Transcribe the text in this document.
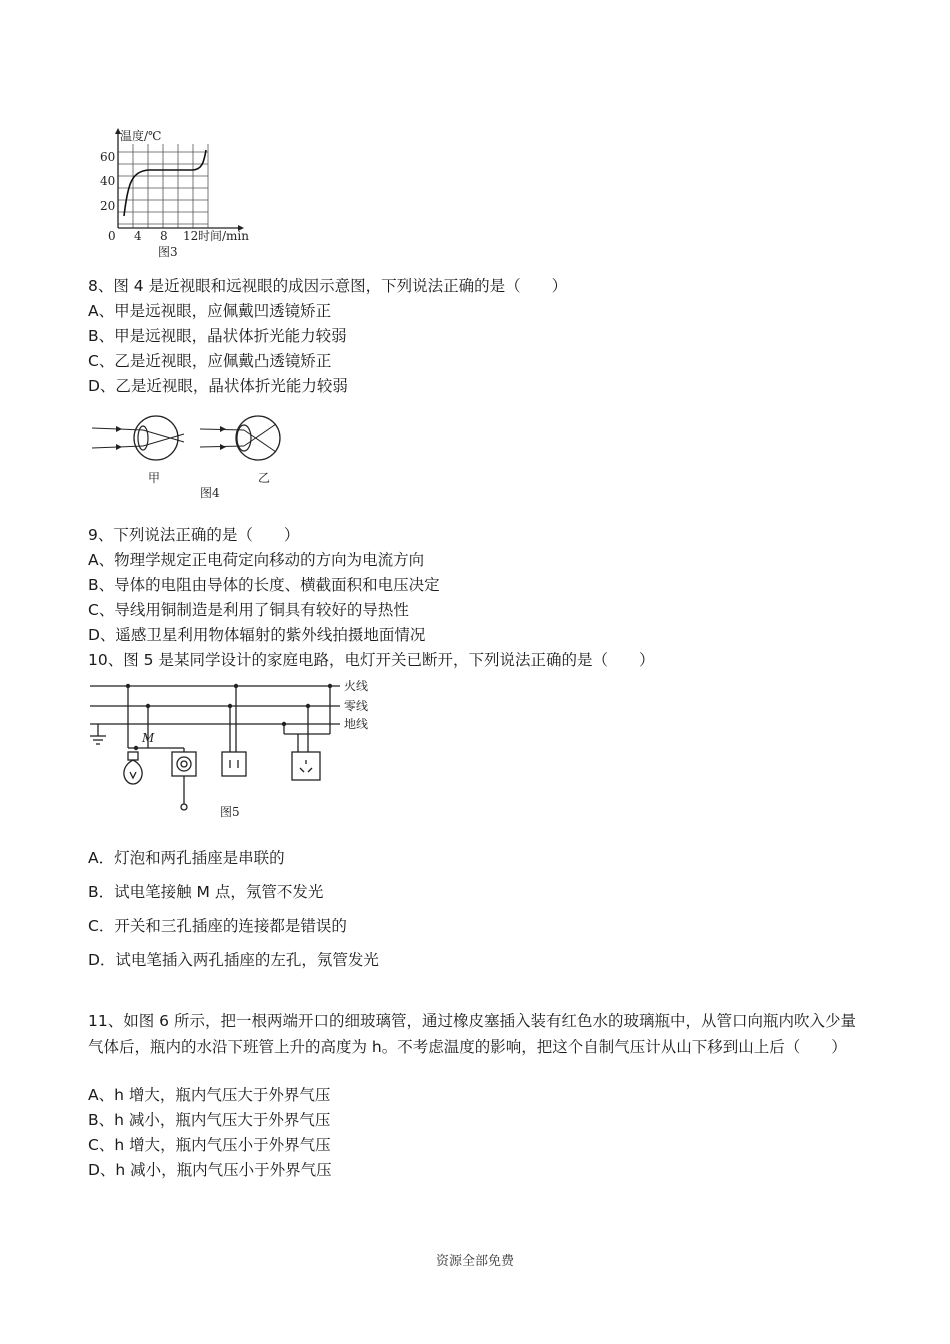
温度/℃
60
40
20
0 4 8 12 时间/min
图3
8、图 4 是近视眼和远视眼的成因示意图，下列说法正确的是（　　）
A、甲是远视眼，应佩戴凹透镜矫正
B、甲是远视眼，晶状体折光能力较弱
C、乙是近视眼，应佩戴凸透镜矫正
D、乙是近视眼，晶状体折光能力较弱
甲
图4
乙
9、下列说法正确的是（　　）
A、物理学规定正电荷定向移动的方向为电流方向
B、导体的电阻由导体的长度、横截面积和电压决定
C、导线用铜制造是利用了铜具有较好的导热性
D、遥感卫星利用物体辐射的紫外线拍摄地面情况
10、图 5 是某同学设计的家庭电路，电灯开关已断开，下列说法正确的是（　　）
火线
零线
地线
M
图5
A．灯泡和两孔插座是串联的
B．试电笔接触 M 点，氖管不发光
C．开关和三孔插座的连接都是错误的
D．试电笔插入两孔插座的左孔，氖管发光
11、如图 6 所示，把一根两端开口的细玻璃管，通过橡皮塞插入装有红色水的玻璃瓶中，从管口向瓶内吹入少量气体后，瓶内的水沿下班管上升的高度为 h。不考虑温度的影响，把这个自制气压计从山下移到山上后（　　）
A、h 增大，瓶内气压大于外界气压
B、h 减小，瓶内气压大于外界气压
C、h 增大，瓶内气压小于外界气压
D、h 减小，瓶内气压小于外界气压
资源全部免费
